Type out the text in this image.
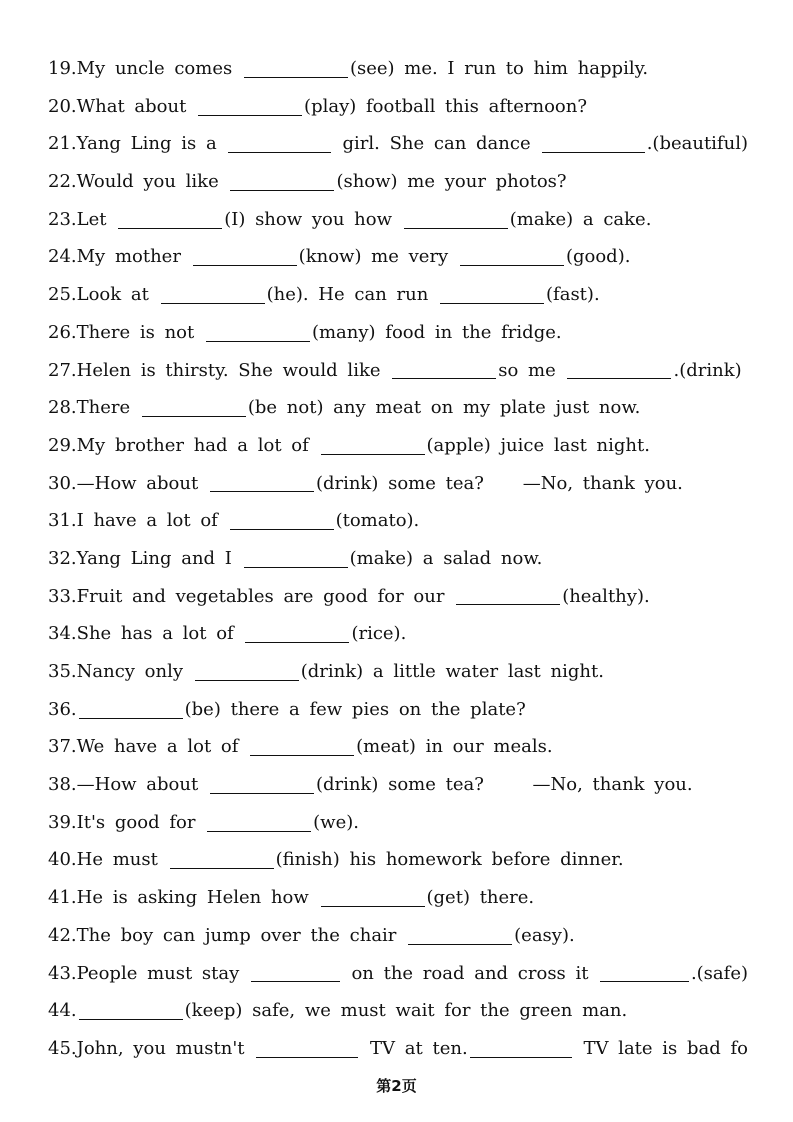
19.My uncle comes	(see) me. I run to him happily.
20.What about	(play) football this afternoon?
21.Yang Ling is a	girl. She can dance	.(beautiful)
22.Would you like	(show) me your photos?
23.Let	(I) show you how	(make) a cake.
24.My mother	(know) me very	(good).
25.Look at	(he). He can run	(fast).
26.There is not	(many) food in the fridge.
27.Helen is thirsty. She would like	so me	.(drink)
28.There	(be not) any meat on my plate just now.
29.My brother had a lot of	(apple) juice last night.
30.—How about	(drink) some tea?    —No, thank you.
31.I have a lot of	(tomato).
32.Yang Ling and I	(make) a salad now.
33.Fruit and vegetables are good for our	(healthy).
34.She has a lot of	(rice).
35.Nancy only	(drink) a little water last night.
36.	(be) there a few pies on the plate?
37.We have a lot of	(meat) in our meals.
38.—How about	(drink) some tea?     —No, thank you.
39.It's good for	(we).
40.He must	(finish) his homework before dinner.
41.He is asking Helen how	(get) there.
42.The boy can jump over the chair	(easy).
43.People must stay	on the road and cross it	.(safe)
44.	(keep) safe, we must wait for the green man.
45.John, you mustn't	TV at ten.	TV late is bad fo
第2页
